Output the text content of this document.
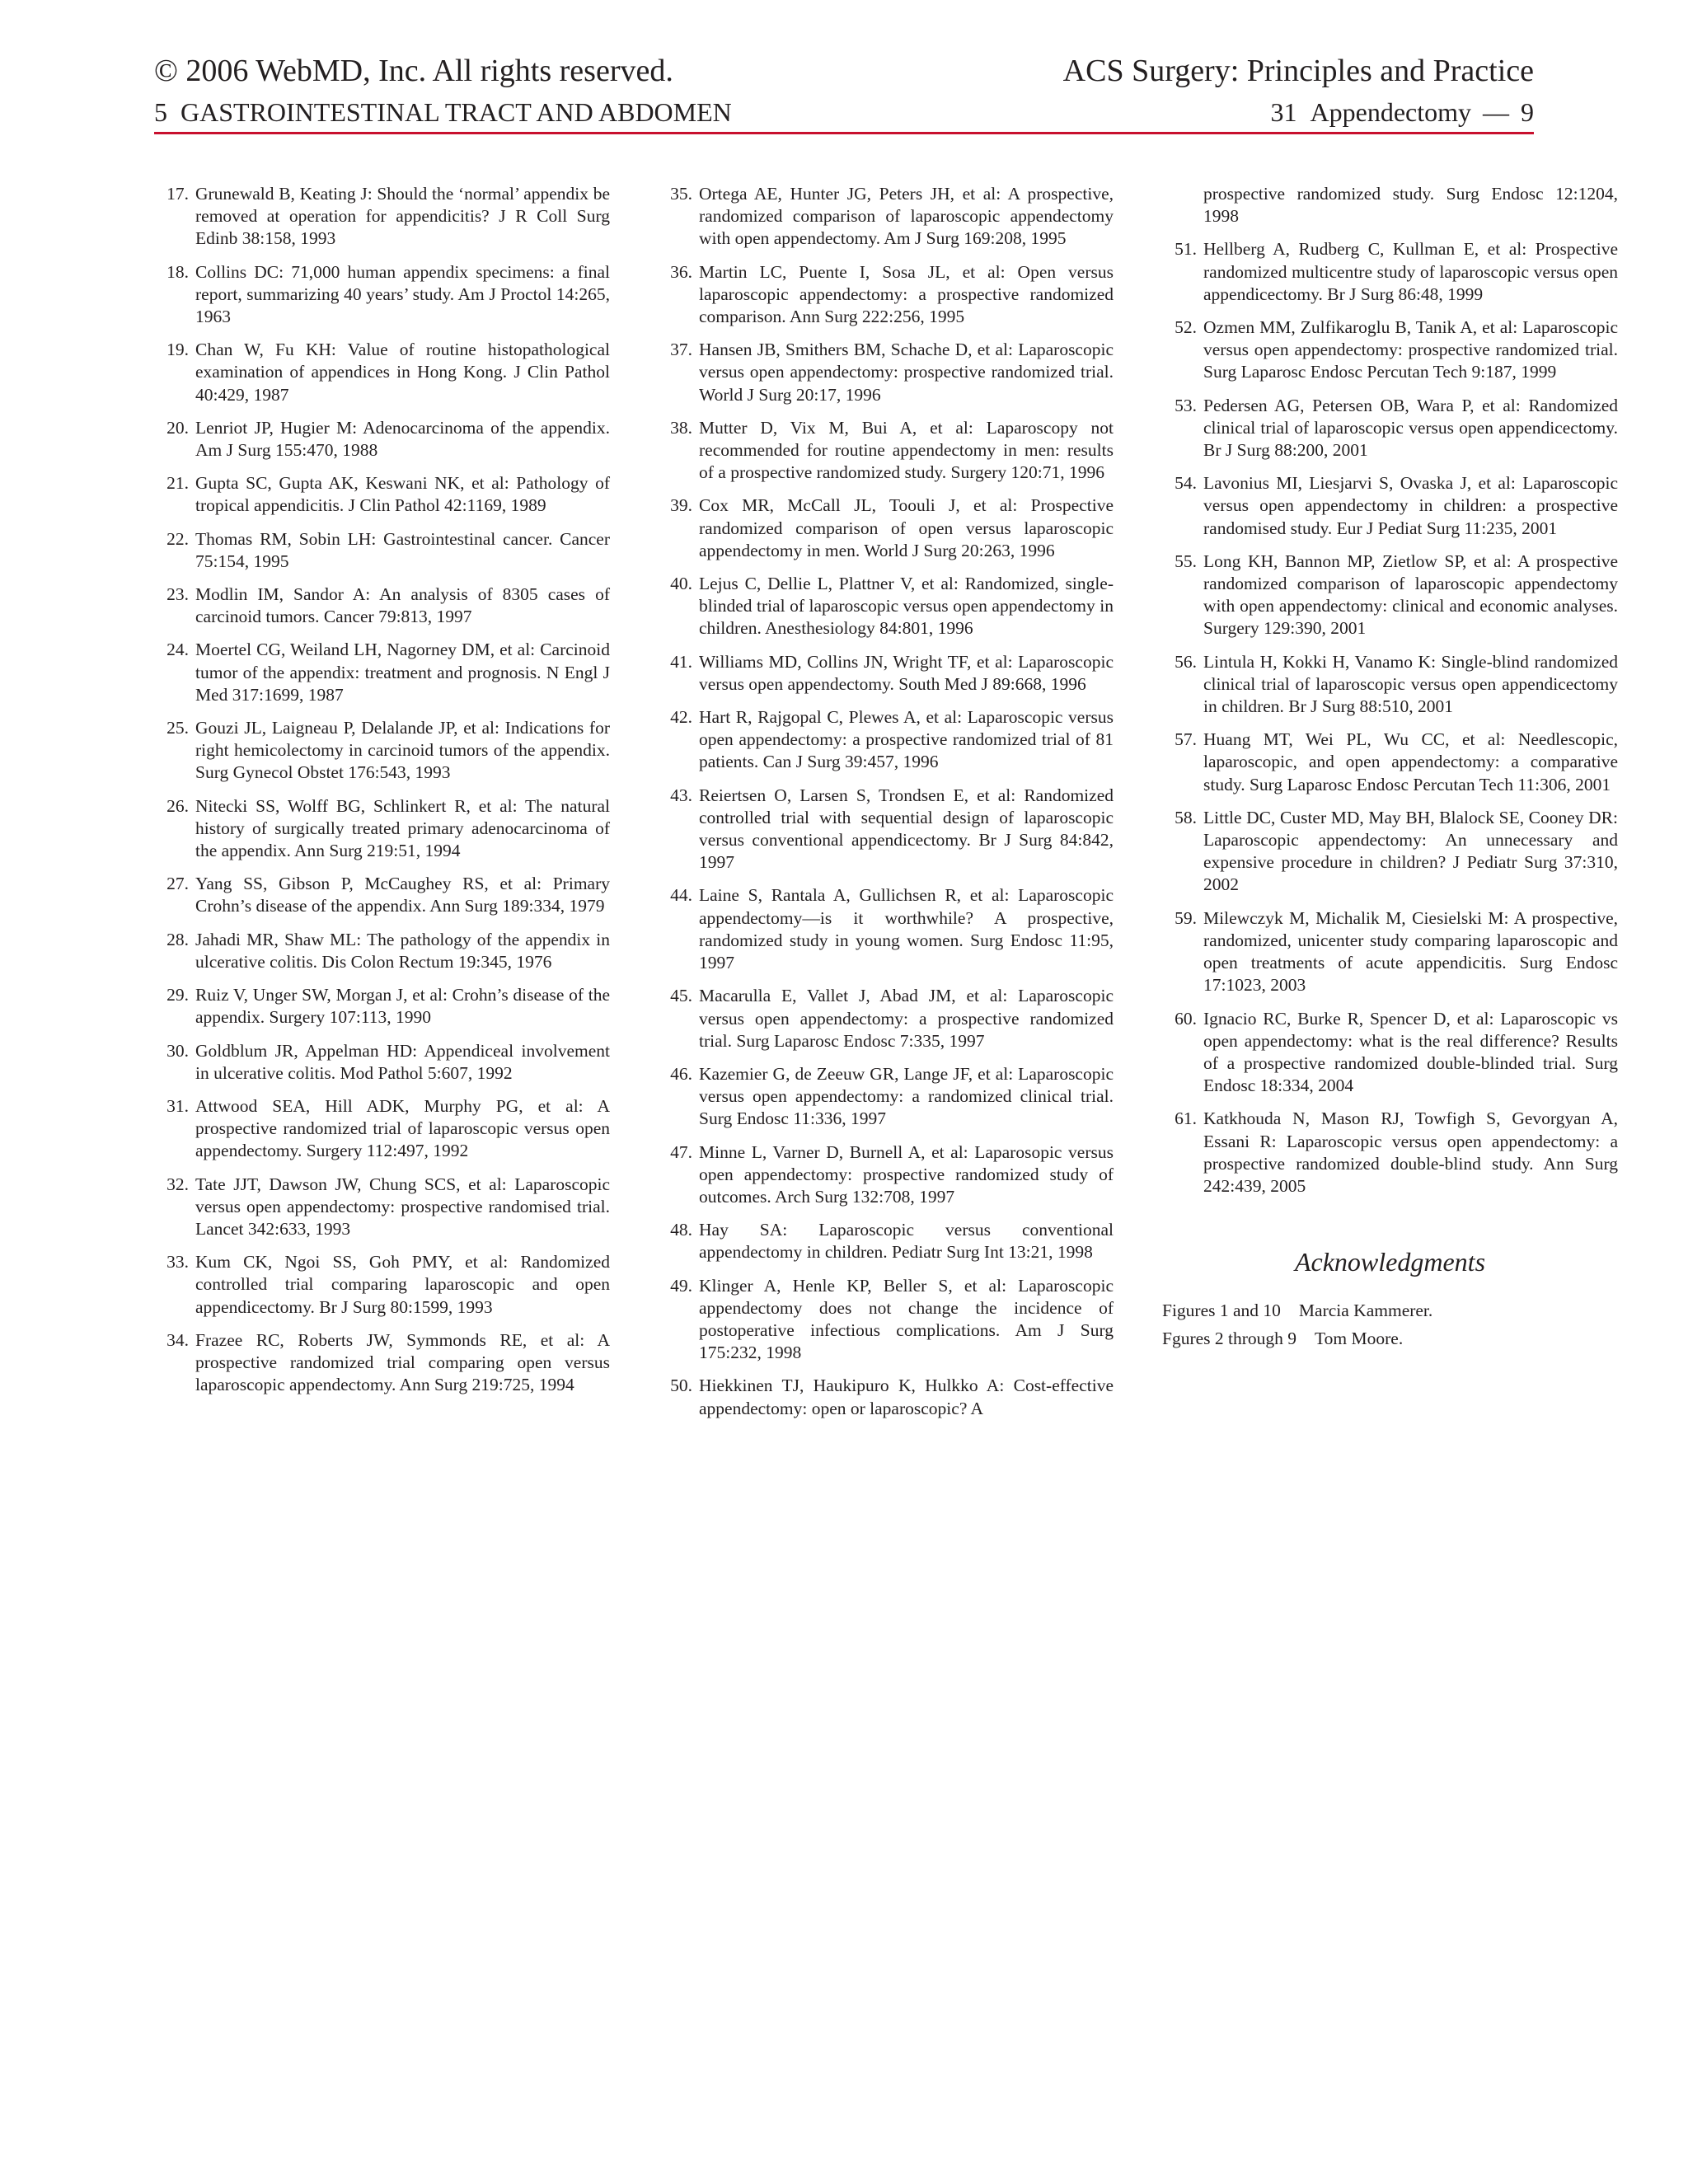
© 2006 WebMD, Inc. All rights reserved.
5 GASTROINTESTINAL TRACT AND ABDOMEN
ACS Surgery: Principles and Practice
31 Appendectomy — 9
17. Grunewald B, Keating J: Should the ‘normal’ appendix be removed at operation for appendicitis? J R Coll Surg Edinb 38:158, 1993
18. Collins DC: 71,000 human appendix specimens: a final report, summarizing 40 years’ study. Am J Proctol 14:265, 1963
19. Chan W, Fu KH: Value of routine histopathological examination of appendices in Hong Kong. J Clin Pathol 40:429, 1987
20. Lenriot JP, Hugier M: Adenocarcinoma of the appendix. Am J Surg 155:470, 1988
21. Gupta SC, Gupta AK, Keswani NK, et al: Pathology of tropical appendicitis. J Clin Pathol 42:1169, 1989
22. Thomas RM, Sobin LH: Gastrointestinal cancer. Cancer 75:154, 1995
23. Modlin IM, Sandor A: An analysis of 8305 cases of carcinoid tumors. Cancer 79:813, 1997
24. Moertel CG, Weiland LH, Nagorney DM, et al: Carcinoid tumor of the appendix: treatment and prognosis. N Engl J Med 317:1699, 1987
25. Gouzi JL, Laigneau P, Delalande JP, et al: Indications for right hemicolectomy in carcinoid tumors of the appendix. Surg Gynecol Obstet 176:543, 1993
26. Nitecki SS, Wolff BG, Schlinkert R, et al: The natural history of surgically treated primary adenocarcinoma of the appendix. Ann Surg 219:51, 1994
27. Yang SS, Gibson P, McCaughey RS, et al: Primary Crohn’s disease of the appendix. Ann Surg 189:334, 1979
28. Jahadi MR, Shaw ML: The pathology of the appendix in ulcerative colitis. Dis Colon Rectum 19:345, 1976
29. Ruiz V, Unger SW, Morgan J, et al: Crohn’s disease of the appendix. Surgery 107:113, 1990
30. Goldblum JR, Appelman HD: Appendiceal involvement in ulcerative colitis. Mod Pathol 5:607, 1992
31. Attwood SEA, Hill ADK, Murphy PG, et al: A prospective randomized trial of laparoscopic versus open appendectomy. Surgery 112:497, 1992
32. Tate JJT, Dawson JW, Chung SCS, et al: Laparoscopic versus open appendectomy: prospective randomised trial. Lancet 342:633, 1993
33. Kum CK, Ngoi SS, Goh PMY, et al: Randomized controlled trial comparing laparoscopic and open appendicectomy. Br J Surg 80:1599, 1993
34. Frazee RC, Roberts JW, Symmonds RE, et al: A prospective randomized trial comparing open versus laparoscopic appendectomy. Ann Surg 219:725, 1994
35. Ortega AE, Hunter JG, Peters JH, et al: A prospective, randomized comparison of laparoscopic appendectomy with open appendectomy. Am J Surg 169:208, 1995
36. Martin LC, Puente I, Sosa JL, et al: Open versus laparoscopic appendectomy: a prospective randomized comparison. Ann Surg 222:256, 1995
37. Hansen JB, Smithers BM, Schache D, et al: Laparoscopic versus open appendectomy: prospective randomized trial. World J Surg 20:17, 1996
38. Mutter D, Vix M, Bui A, et al: Laparoscopy not recommended for routine appendectomy in men: results of a prospective randomized study. Surgery 120:71, 1996
39. Cox MR, McCall JL, Toouli J, et al: Prospective randomized comparison of open versus laparoscopic appendectomy in men. World J Surg 20:263, 1996
40. Lejus C, Dellie L, Plattner V, et al: Randomized, single-blinded trial of laparoscopic versus open appendectomy in children. Anesthesiology 84:801, 1996
41. Williams MD, Collins JN, Wright TF, et al: Laparoscopic versus open appendectomy. South Med J 89:668, 1996
42. Hart R, Rajgopal C, Plewes A, et al: Laparoscopic versus open appendectomy: a prospective randomized trial of 81 patients. Can J Surg 39:457, 1996
43. Reiertsen O, Larsen S, Trondsen E, et al: Randomized controlled trial with sequential design of laparoscopic versus conventional appendicectomy. Br J Surg 84:842, 1997
44. Laine S, Rantala A, Gullichsen R, et al: Laparoscopic appendectomy—is it worthwhile? A prospective, randomized study in young women. Surg Endosc 11:95, 1997
45. Macarulla E, Vallet J, Abad JM, et al: Laparoscopic versus open appendectomy: a prospective randomized trial. Surg Laparosc Endosc 7:335, 1997
46. Kazemier G, de Zeeuw GR, Lange JF, et al: Laparoscopic versus open appendectomy: a randomized clinical trial. Surg Endosc 11:336, 1997
47. Minne L, Varner D, Burnell A, et al: Laparosopic versus open appendectomy: prospective randomized study of outcomes. Arch Surg 132:708, 1997
48. Hay SA: Laparoscopic versus conventional appendectomy in children. Pediatr Surg Int 13:21, 1998
49. Klinger A, Henle KP, Beller S, et al: Laparoscopic appendectomy does not change the incidence of postoperative infectious complications. Am J Surg 175:232, 1998
50. Hiekkinen TJ, Haukipuro K, Hulkko A: Cost-effective appendectomy: open or laparoscopic? A
prospective randomized study. Surg Endosc 12:1204, 1998
51. Hellberg A, Rudberg C, Kullman E, et al: Prospective randomized multicentre study of laparoscopic versus open appendicectomy. Br J Surg 86:48, 1999
52. Ozmen MM, Zulfikaroglu B, Tanik A, et al: Laparoscopic versus open appendectomy: prospective randomized trial. Surg Laparosc Endosc Percutan Tech 9:187, 1999
53. Pedersen AG, Petersen OB, Wara P, et al: Randomized clinical trial of laparoscopic versus open appendicectomy. Br J Surg 88:200, 2001
54. Lavonius MI, Liesjarvi S, Ovaska J, et al: Laparoscopic versus open appendectomy in children: a prospective randomised study. Eur J Pediat Surg 11:235, 2001
55. Long KH, Bannon MP, Zietlow SP, et al: A prospective randomized comparison of laparoscopic appendectomy with open appendectomy: clinical and economic analyses. Surgery 129:390, 2001
56. Lintula H, Kokki H, Vanamo K: Single-blind randomized clinical trial of laparoscopic versus open appendicectomy in children. Br J Surg 88:510, 2001
57. Huang MT, Wei PL, Wu CC, et al: Needlescopic, laparoscopic, and open appendectomy: a comparative study. Surg Laparosc Endosc Percutan Tech 11:306, 2001
58. Little DC, Custer MD, May BH, Blalock SE, Cooney DR: Laparoscopic appendectomy: An unnecessary and expensive procedure in children? J Pediatr Surg 37:310, 2002
59. Milewczyk M, Michalik M, Ciesielski M: A prospective, randomized, unicenter study comparing laparoscopic and open treatments of acute appendicitis. Surg Endosc 17:1023, 2003
60. Ignacio RC, Burke R, Spencer D, et al: Laparoscopic vs open appendectomy: what is the real difference? Results of a prospective randomized double-blinded trial. Surg Endosc 18:334, 2004
61. Katkhouda N, Mason RJ, Towfigh S, Gevorgyan A, Essani R: Laparoscopic versus open appendectomy: a prospective randomized double-blind study. Ann Surg 242:439, 2005
Acknowledgments
Figures 1 and 10 Marcia Kammerer.
Fgures 2 through 9 Tom Moore.
